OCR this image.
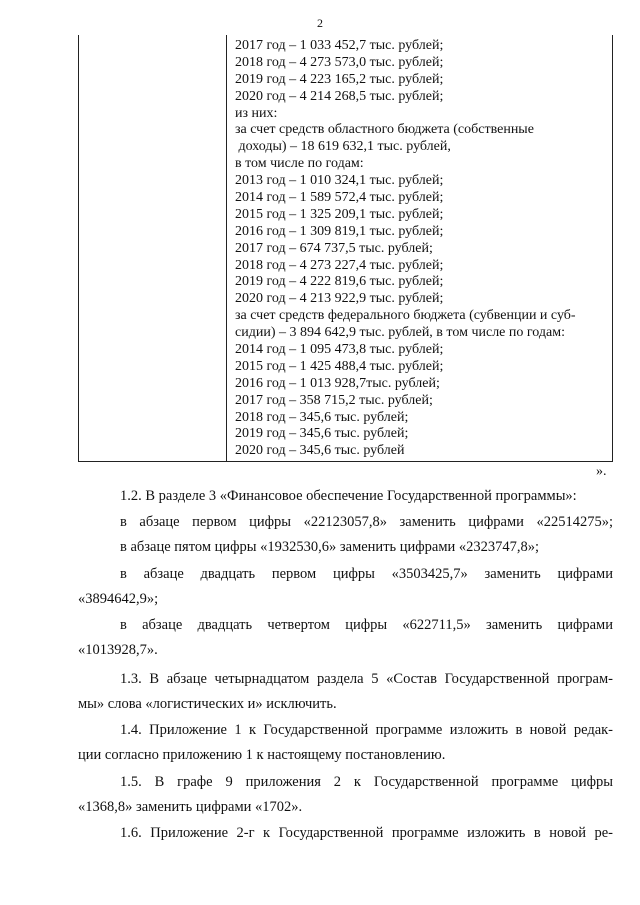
2
2017 год – 1 033 452,7 тыс. рублей;
2018 год – 4 273 573,0 тыс. рублей;
2019 год – 4 223 165,2 тыс. рублей;
2020 год – 4 214 268,5 тыс. рублей;
из них:
за счет средств областного бюджета (собственные
доходы) – 18 619 632,1 тыс. рублей,
в том числе по годам:
2013 год – 1 010 324,1 тыс. рублей;
2014 год – 1 589 572,4 тыс. рублей;
2015 год – 1 325 209,1 тыс. рублей;
2016 год – 1 309 819,1 тыс. рублей;
2017 год – 674 737,5 тыс. рублей;
2018 год – 4 273 227,4 тыс. рублей;
2019 год – 4 222 819,6 тыс. рублей;
2020 год – 4 213 922,9 тыс. рублей;
за счет средств федерального бюджета (субвенции и суб-
сидии) – 3 894 642,9 тыс. рублей, в том числе по годам:
2014 год – 1 095 473,8 тыс. рублей;
2015 год – 1 425 488,4 тыс. рублей;
2016 год – 1 013 928,7тыс. рублей;
2017 год – 358 715,2 тыс. рублей;
2018 год – 345,6 тыс. рублей;
2019 год – 345,6 тыс. рублей;
2020 год – 345,6 тыс. рублей
».
1.2. В разделе 3 «Финансовое обеспечение Государственной программы»:
в абзаце первом цифры «22123057,8» заменить цифрами «22514275»;
в абзаце пятом цифры «1932530,6» заменить цифрами «2323747,8»;
в абзаце двадцать первом цифры «3503425,7» заменить цифрами
«3894642,9»;
в абзаце двадцать четвертом цифры «622711,5» заменить цифрами
«1013928,7».
1.3. В абзаце четырнадцатом раздела 5 «Состав Государственной програм-
мы» слова «логистических и» исключить.
1.4. Приложение 1 к Государственной программе изложить в новой редак-
ции согласно приложению 1 к настоящему постановлению.
1.5. В графе 9 приложения 2 к Государственной программе цифры
«1368,8» заменить цифрами «1702».
1.6. Приложение 2-г к Государственной программе изложить в новой ре-
